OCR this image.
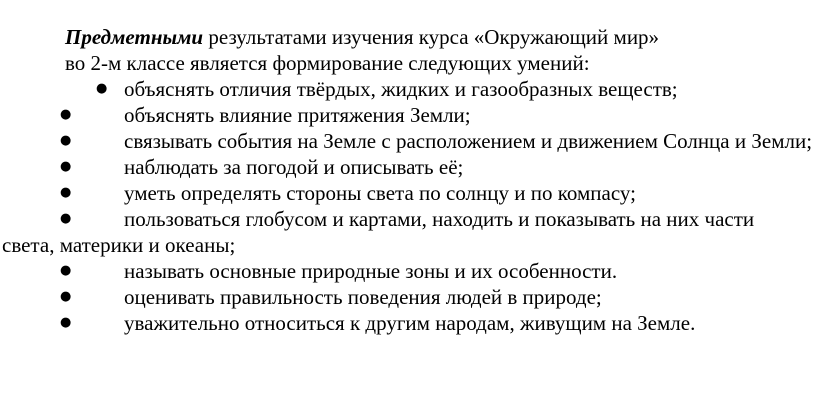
Предметными результатами изучения курса «Окружающий мир»
во 2-м классе является формирование следующих умений:
● объяснять отличия твёрдых, жидких и газообразных веществ;
●	объяснять влияние притяжения Земли;
●	связывать события на Земле с расположением и движением Солнца и Земли;
●	наблюдать за погодой и описывать её;
●	уметь определять стороны света по солнцу и по компасу;
●	пользоваться глобусом и картами, находить и показывать на них части
света, материки и океаны;
●	называть основные природные зоны и их особенности.
●	оценивать правильность поведения людей в природе;
●	уважительно относиться к другим народам, живущим на Земле.
